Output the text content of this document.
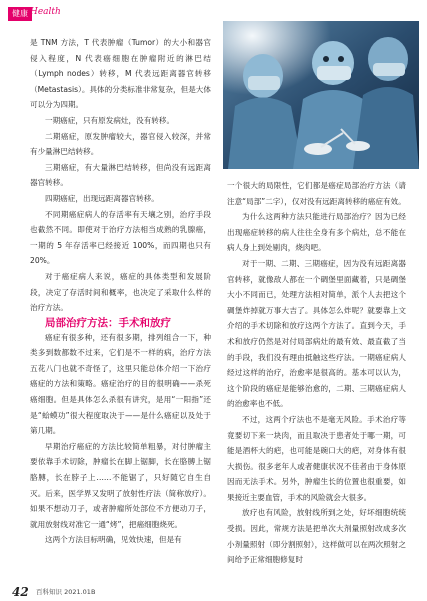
健康 Health

是 TNM 方法，T 代表肿瘤（Tumor）的大小和器官侵入程度，N 代表癌细胞在肿瘤附近的淋巴结（Lymph nodes）转移，M 代表远距离器官转移（Metastasis）。具体的分类标准非常复杂，但是大体可以分为四期。

一期癌症，只有原发病灶，没有转移。

二期癌症，原发肿瘤较大，器官侵入较深，并常有少量淋巴结转移。

三期癌症，有大量淋巴结转移，但尚没有远距离器官转移。

四期癌症，出现远距离器官转移。

不同期癌症病人的存活率有天壤之别，治疗手段也截然不同。即使对于治疗方法相当成熟的乳腺癌，一期的 5 年存活率已经接近 100%，而四期也只有 20%。

对于癌症病人来说，癌症的具体类型和发展阶段，决定了存活时间和概率，也决定了采取什么样的治疗方法。

局部治疗方法：手术和放疗

癌症有很多种，还有很多期，排列组合一下，种类多到数都数不过来，它们是不一样的病，治疗方法五花八门也就不奇怪了，这里只能总体介绍一下治疗癌症的方法和策略。癌症治疗的目的很明确——杀死癌细胞。但是具体怎么杀很有讲究，是用“一阳指”还是“蛤蟆功”很大程度取决于——是什么癌症以及处于第几期。

早期治疗癌症的方法比较简单粗暴，对付肿瘤主要依靠手术切除，肿瘤长在脚上锯脚，长在胳膊上锯胳膊，长在脖子上……不能锯了，只好随它自生自灭。后来，医学界又发明了放射性疗法（简称放疗）。如果不想动刀子，或者肿瘤所处部位不方便动刀子，就用放射线对准它一通“烤”，把癌细胞烧死。

这两个方法目标明确，见效快速，但是有

一个很大的局限性，它们都是癌症局部治疗方法（请注意“局部”二字），仅对没有远距离转移的癌症有效。

为什么这两种方法只能进行局部治疗？因为已经出现癌症转移的病人往往全身有多个病灶，总不能在病人身上到处剔肉，烧肉吧。

对于一期、二期、三期癌症，因为没有远距离器官转移，就像敌人都在一个碉堡里面藏着，只是碉堡大小不同而已，处理方法相对简单，派个人去把这个碉堡炸掉就万事大吉了。具体怎么炸呢？就要靠上文介绍的手术切除和放疗这两个方法了。直到今天，手术和放疗仍然是对付局部病灶的最有效、最直截了当的手段，我们没有理由抵触这些疗法。一期癌症病人经过这样的治疗，治愈率是很高的。基本可以认为，这个阶段的癌症是能够治愈的，二期、三期癌症病人的治愈率也不低。

不过，这两个疗法也不是毫无风险。手术治疗等竟要切下来一块肉，而且取决于患者处于哪一期，可能是酒杯大的疤，也可能是碗口大的疤，对身体有很大损伤。很多老年人或者健康状况不佳者由于身体原因而无法手术。另外，肿瘤生长的位置也很重要，如果接近主要血管，手术的风险就会大很多。

放疗也有风险，放射线所到之处，好坏细胞统统受损。因此，常规方法是把单次大剂量照射改成多次小剂量照射（即分割照射），这样做可以在两次照射之间给予正常细胞修复时

42 百科知识 2021.01B
